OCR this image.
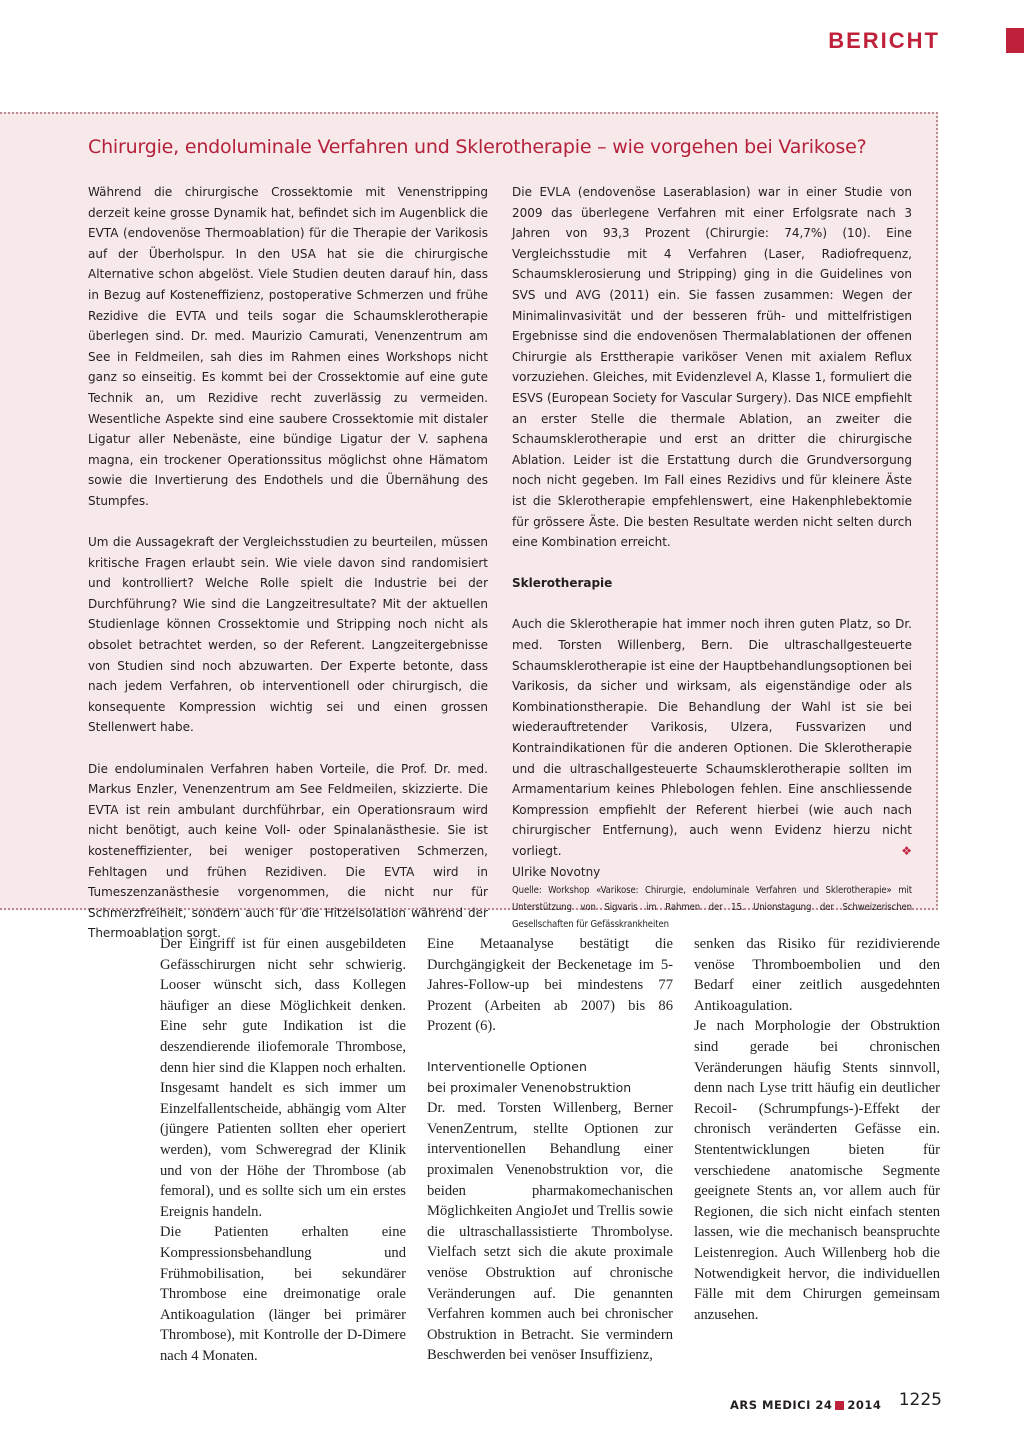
BERICHT
Chirurgie, endoluminale Verfahren und Sklerotherapie – wie vorgehen bei Varikose?

Während die chirurgische Crossektomie mit Venenstripping derzeit keine grosse Dynamik hat, befindet sich im Augenblick die EVTA (endovenöse Thermoablation) für die Therapie der Varikosis auf der Überholspur. In den USA hat sie die chirurgische Alternative schon abgelöst. Viele Studien deuten darauf hin, dass in Bezug auf Kosteneffizienz, postoperative Schmerzen und frühe Rezidive die EVTA und teils sogar die Schaumsklerotherapie überlegen sind. Dr. med. Maurizio Camurati, Venenzentrum am See in Feldmeilen, sah dies im Rahmen eines Workshops nicht ganz so einseitig. Es kommt bei der Crossektomie auf eine gute Technik an, um Rezidive recht zuverlässig zu vermeiden. Wesentliche Aspekte sind eine saubere Crossektomie mit distaler Ligatur aller Nebenäste, eine bündige Ligatur der V. saphena magna, ein trockener Operationssitus möglichst ohne Hämatom sowie die Invertierung des Endothels und die Übernähung des Stumpfes.

Um die Aussagekraft der Vergleichsstudien zu beurteilen, müssen kritische Fragen erlaubt sein. Wie viele davon sind randomisiert und kontrolliert? Welche Rolle spielt die Industrie bei der Durchführung? Wie sind die Langzeitresultate? Mit der aktuellen Studienlage können Crossektomie und Stripping noch nicht als obsolet betrachtet werden, so der Referent. Langzeitergebnisse von Studien sind noch abzuwarten. Der Experte betonte, dass nach jedem Verfahren, ob interventionell oder chirurgisch, die konsequente Kompression wichtig sei und einen grossen Stellenwert habe.

Die endoluminalen Verfahren haben Vorteile, die Prof. Dr. med. Markus Enzler, Venenzentrum am See Feldmeilen, skizzierte. Die EVTA ist rein ambulant durchführbar, ein Operationsraum wird nicht benötigt, auch keine Voll- oder Spinalanästhesie. Sie ist kosteneffizienter, bei weniger postoperativen Schmerzen, Fehltagen und frühen Rezidiven. Die EVTA wird in Tumeszenzanästhesie vorgenommen, die nicht nur für Schmerzfreiheit, sondern auch für die Hitzeisolation während der Thermoablation sorgt.

Die EVLA (endovenöse Laserablasion) war in einer Studie von 2009 das überlegene Verfahren mit einer Erfolgsrate nach 3 Jahren von 93,3 Prozent (Chirurgie: 74,7%) (10). Eine Vergleichsstudie mit 4 Verfahren (Laser, Radiofrequenz, Schaumsklerosierung und Stripping) ging in die Guidelines von SVS und AVG (2011) ein. Sie fassen zusammen: Wegen der Minimalinvasivität und der besseren früh- und mittelfristigen Ergebnisse sind die endovenösen Thermalablationen der offenen Chirurgie als Ersttherapie variköser Venen mit axialem Reflux vorzuziehen. Gleiches, mit Evidenzlevel A, Klasse 1, formuliert die ESVS (European Society for Vascular Surgery). Das NICE empfiehlt an erster Stelle die thermale Ablation, an zweiter die Schaumsklerotherapie und erst an dritter die chirurgische Ablation. Leider ist die Erstattung durch die Grundversorgung noch nicht gegeben. Im Fall eines Rezidivs und für kleinere Äste ist die Sklerotherapie empfehlenswert, eine Hakenphlebektomie für grössere Äste. Die besten Resultate werden nicht selten durch eine Kombination erreicht.

Sklerotherapie

Auch die Sklerotherapie hat immer noch ihren guten Platz, so Dr. med. Torsten Willenberg, Bern. Die ultraschallgesteuerte Schaumsklerotherapie ist eine der Hauptbehandlungsoptionen bei Varikosis, da sicher und wirksam, als eigenständige oder als Kombinationstherapie. Die Behandlung der Wahl ist sie bei wiederauftretender Varikosis, Ulzera, Fussvarizen und Kontraindikationen für die anderen Optionen. Die Sklerotherapie und die ultraschallgesteuerte Schaumsklerotherapie sollten im Armamentarium keines Phlebologen fehlen. Eine anschliessende Kompression empfiehlt der Referent hierbei (wie auch nach chirurgischer Entfernung), auch wenn Evidenz hierzu nicht vorliegt.	❖

Ulrike Novotny

Quelle: Workshop «Varikose: Chirurgie, endoluminale Verfahren und Sklerotherapie» mit Unterstützung von Sigvaris im Rahmen der 15. Unionstagung der Schweizerischen Gesellschaften für Gefässkrankheiten

Der Eingriff ist für einen ausgebildeten Gefässchirurgen nicht sehr schwierig. Looser wünscht sich, dass Kollegen häufiger an diese Möglichkeit denken. Eine sehr gute Indikation ist die deszendierende iliofemorale Thrombose, denn hier sind die Klappen noch erhalten. Insgesamt handelt es sich immer um Einzelfallentscheide, abhängig vom Alter (jüngere Patienten sollten eher operiert werden), vom Schweregrad der Klinik und von der Höhe der Thrombose (ab femoral), und es sollte sich um ein erstes Ereignis handeln.

Die Patienten erhalten eine Kompressionsbehandlung und Frühmobilisation, bei sekundärer Thrombose eine dreimonatige orale Antikoagulation (länger bei primärer Thrombose), mit Kontrolle der D-Dimere nach 4 Monaten.

Eine Metaanalyse bestätigt die Durchgängigkeit der Beckenetage im 5-Jahres-Follow-up bei mindestens 77 Prozent (Arbeiten ab 2007) bis 86 Prozent (6).

Interventionelle Optionen
bei proximaler Venenobstruktion

Dr. med. Torsten Willenberg, Berner VenenZentrum, stellte Optionen zur interventionellen Behandlung einer proximalen Venenobstruktion vor, die beiden pharmakomechanischen Möglichkeiten AngioJet und Trellis sowie die ultraschallassistierte Thrombolyse. Vielfach setzt sich die akute proximale venöse Obstruktion auf chronische Veränderungen auf. Die genannten Verfahren kommen auch bei chronischer Obstruktion in Betracht. Sie vermindern Beschwerden bei venöser Insuffizienz,

senken das Risiko für rezidivierende venöse Thromboembolien und den Bedarf einer zeitlich ausgedehnten Antikoagulation.

Je nach Morphologie der Obstruktion sind gerade bei chronischen Veränderungen häufig Stents sinnvoll, denn nach Lyse tritt häufig ein deutlicher Recoil- (Schrumpfungs-)-Effekt der chronisch veränderten Gefässe ein. Stententwicklungen bieten für verschiedene anatomische Segmente geeignete Stents an, vor allem auch für Regionen, die sich nicht einfach stenten lassen, wie die mechanisch beanspruchte Leistenregion. Auch Willenberg hob die Notwendigkeit hervor, die individuellen Fälle mit dem Chirurgen gemeinsam anzusehen.

ARS MEDICI 24 2014 1225
